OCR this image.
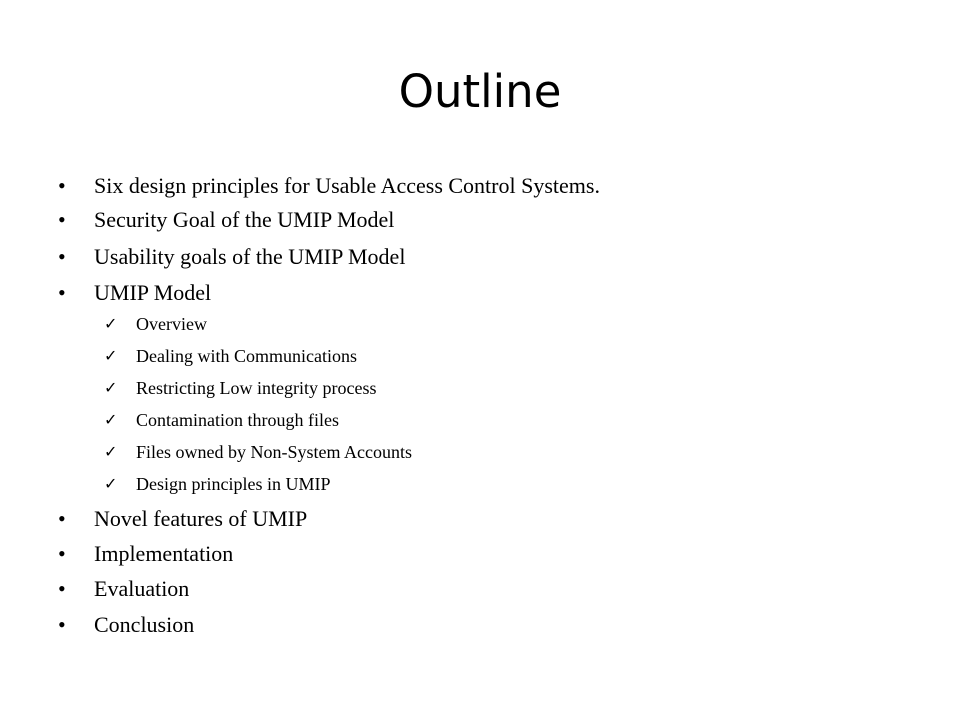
Outline
• Six design principles for Usable Access Control Systems.
• Security Goal of the UMIP Model
• Usability goals of the UMIP Model
• UMIP Model
✓ Overview
✓ Dealing with Communications
✓ Restricting Low integrity process
✓ Contamination through files
✓ Files owned by Non-System Accounts
✓ Design principles in UMIP
• Novel features of UMIP
• Implementation
• Evaluation
• Conclusion
